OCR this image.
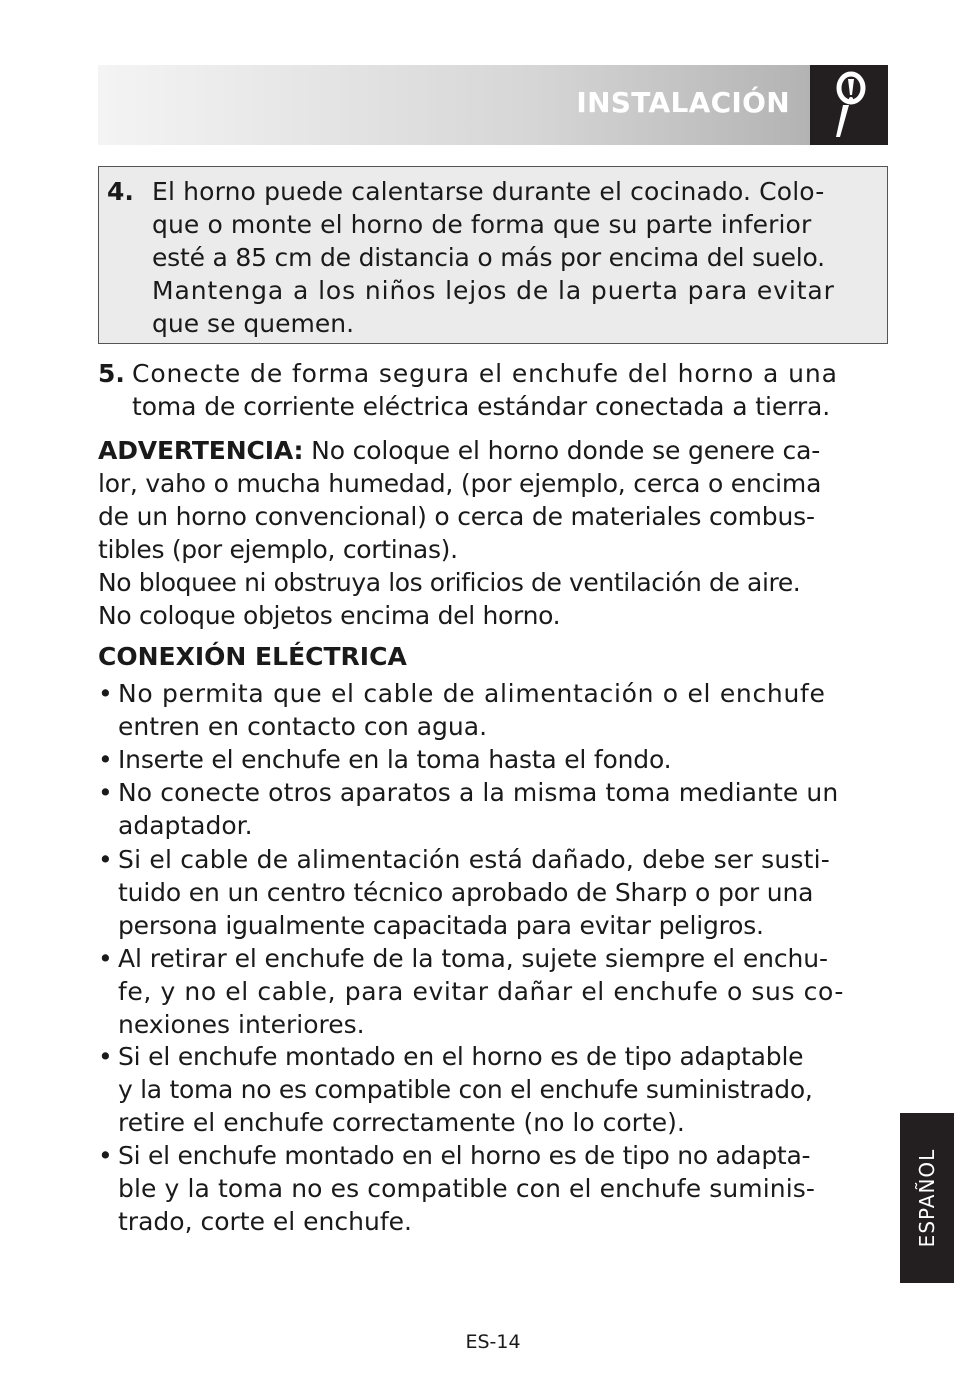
INSTALACIÓN
4. El horno puede calentarse durante el cocinado. Colo-
que o monte el horno de forma que su parte inferior
esté a 85 cm de distancia o más por encima del suelo.
Mantenga a los niños lejos de la puerta para evitar
que se quemen.
5. Conecte de forma segura el enchufe del horno a una
toma de corriente eléctrica estándar conectada a tierra.
ADVERTENCIA: No coloque el horno donde se genere ca-
lor, vaho o mucha humedad, (por ejemplo, cerca o encima
de un horno convencional) o cerca de materiales combus-
tibles (por ejemplo, cortinas).
No bloquee ni obstruya los orificios de ventilación de aire.
No coloque objetos encima del horno.
CONEXIÓN ELÉCTRICA
• No permita que el cable de alimentación o el enchufe
entren en contacto con agua.
• Inserte el enchufe en la toma hasta el fondo.
• No conecte otros aparatos a la misma toma mediante un
adaptador.
• Si el cable de alimentación está dañado, debe ser susti-
tuido en un centro técnico aprobado de Sharp o por una
persona igualmente capacitada para evitar peligros.
• Al retirar el enchufe de la toma, sujete siempre el enchu-
fe, y no el cable, para evitar dañar el enchufe o sus co-
nexiones interiores.
• Si el enchufe montado en el horno es de tipo adaptable
y la toma no es compatible con el enchufe suministrado,
retire el enchufe correctamente (no lo corte).
• Si el enchufe montado en el horno es de tipo no adapta-
ble y la toma no es compatible con el enchufe suminis-
trado, corte el enchufe.	ESPAÑOL
ES-14
